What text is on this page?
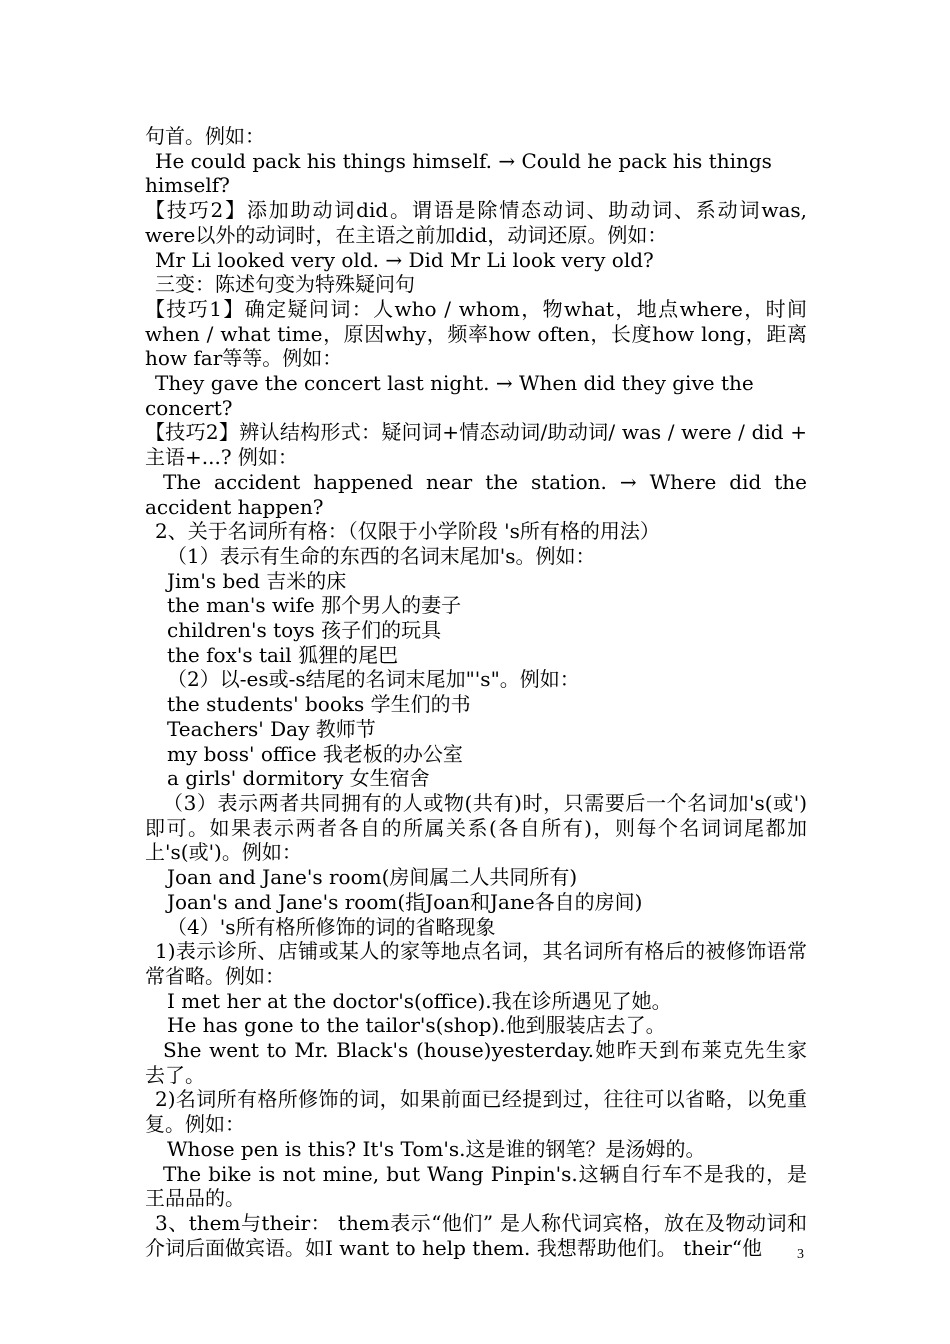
句首。例如：

He could pack his things himself. → Could he pack his things himself?

【技巧2】添加助动词did。谓语是除情态动词、助动词、系动词was, were以外的动词时，在主语之前加did，动词还原。例如：

Mr Li looked very old. → Did Mr Li look very old?

三变：陈述句变为特殊疑问句

【技巧1】确定疑问词：人who / whom，物what，地点where，时间when / what time，原因why，频率how often，长度how long，距离how far等等。例如：

They gave the concert last night. → When did they give the concert?

【技巧2】辨认结构形式：疑问词+情态动词/助动词/ was / were / did + 主语+...? 例如：

The accident happened near the station. → Where did the accident happen?

2、关于名词所有格：（仅限于小学阶段 's所有格的用法）

（1）表示有生命的东西的名词末尾加's。例如：

Jim's bed 吉米的床

the man's wife 那个男人的妻子

children's toys 孩子们的玩具

the fox's tail 狐狸的尾巴

（2）以-es或-s结尾的名词末尾加"'s"。例如：

the students' books 学生们的书

Teachers' Day 教师节

my boss' office 我老板的办公室

a girls' dormitory 女生宿舍

（3）表示两者共同拥有的人或物(共有)时，只需要后一个名词加's(或')即可。如果表示两者各自的所属关系(各自所有)，则每个名词词尾都加上's(或')。例如：

Joan and Jane's room(房间属二人共同所有)

Joan's and Jane's room(指Joan和Jane各自的房间)

（4）'s所有格所修饰的词的省略现象

1)表示诊所、店铺或某人的家等地点名词，其名词所有格后的被修饰语常常省略。例如：

I met her at the doctor's(office).我在诊所遇见了她。

He has gone to the tailor's(shop).他到服装店去了。

She went to Mr. Black's (house)yesterday.她昨天到布莱克先生家去了。

2)名词所有格所修饰的词，如果前面已经提到过，往往可以省略，以免重复。例如：

Whose pen is this? It's Tom's.这是谁的钢笔？是汤姆的。

The bike is not mine, but Wang Pinpin's.这辆自行车不是我的，是王品品的。

3、them与their： them表示“他们” 是人称代词宾格，放在及物动词和介词后面做宾语。如I want to help them. 我想帮助他们。 their“他	3
